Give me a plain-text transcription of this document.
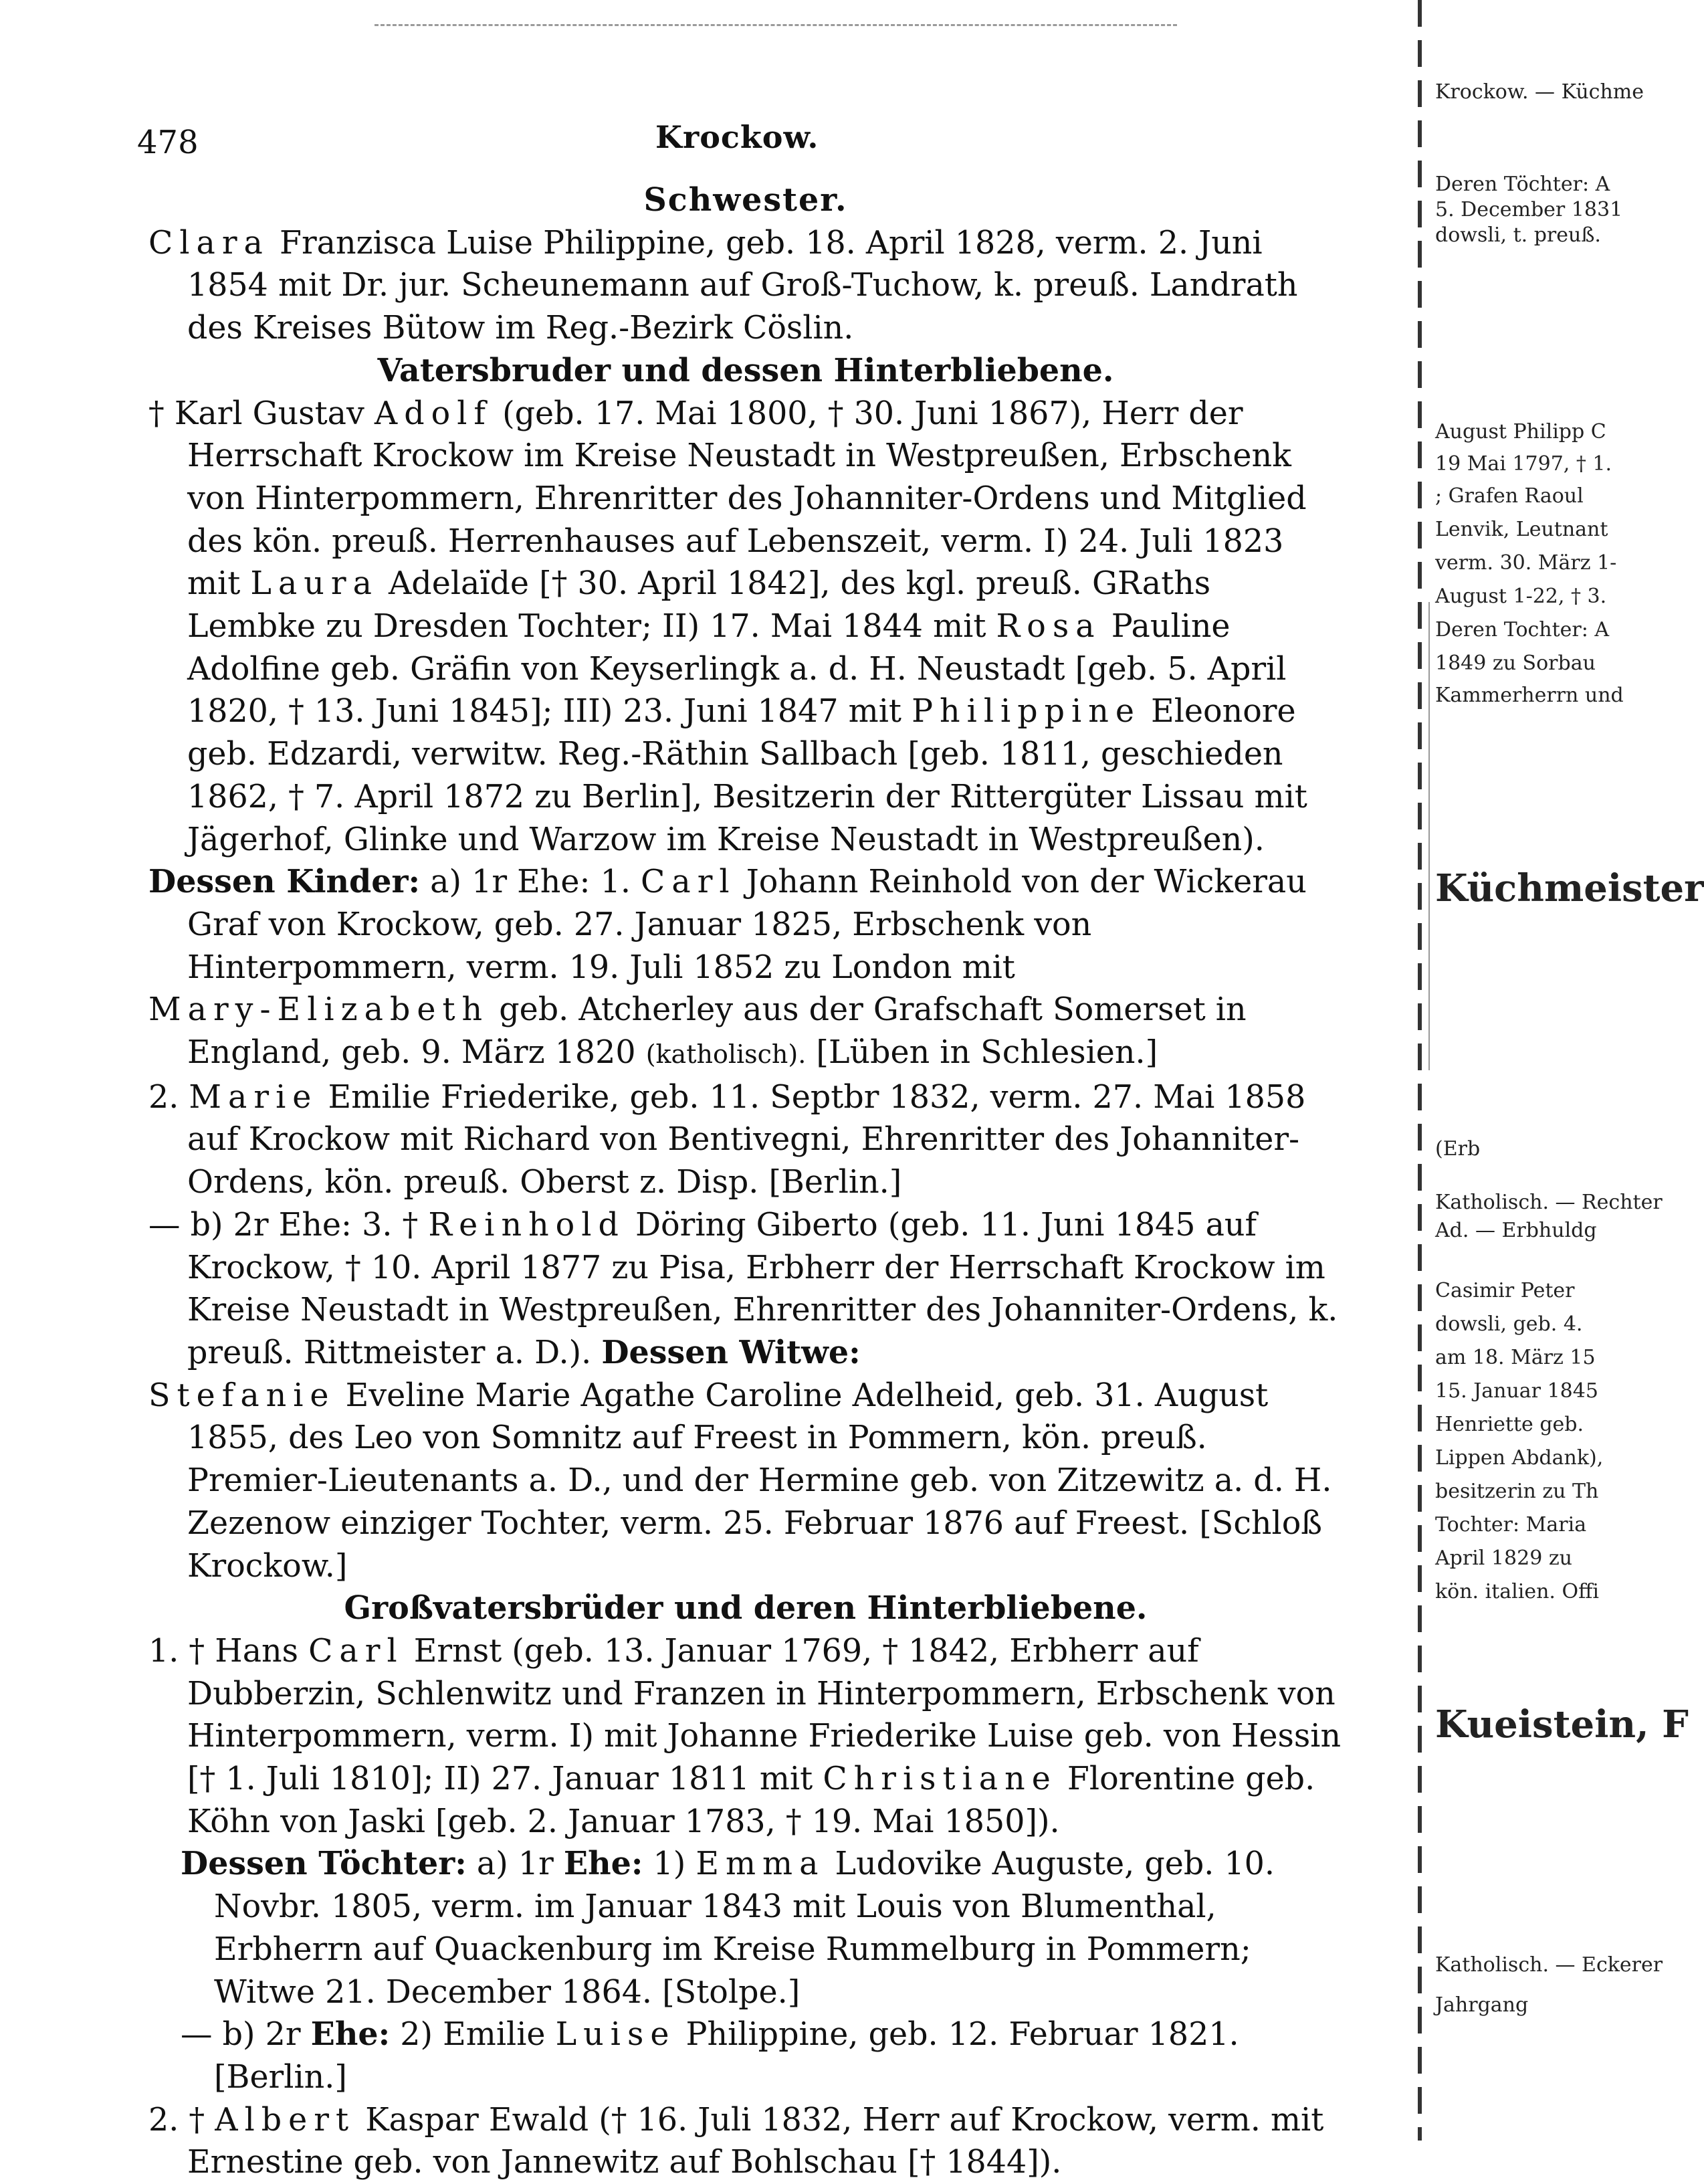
478	Krockow.
Schwester.
Clara Franzisca Luise Philippine, geb. 18. April 1828, verm. 2. Juni 1854 mit Dr. jur. Scheunemann auf Groß-Tuchow, k. preuß. Landrath des Kreises Bütow im Reg.-Bezirk Cöslin.
Vatersbruder und dessen Hinterbliebene.
† Karl Gustav Adolf (geb. 17. Mai 1800, † 30. Juni 1867), Herr der Herrschaft Krockow im Kreise Neustadt in Westpreußen, Erbschenk von Hinterpommern, Ehrenritter des Johanniter-Ordens und Mitglied des kön. preuß. Herrenhauses auf Lebenszeit, verm. I) 24. Juli 1823 mit Laura Adelaïde [† 30. April 1842], des kgl. preuß. GRaths Lembke zu Dresden Tochter; II) 17. Mai 1844 mit Rosa Pauline Adolfine geb. Gräfin von Keyserlingk a. d. H. Neustadt [geb. 5. April 1820, † 13. Juni 1845]; III) 23. Juni 1847 mit Philippine Eleonore geb. Edzardi, verwitw. Reg.-Räthin Sallbach [geb. 1811, geschieden 1862, † 7. April 1872 zu Berlin], Besitzerin der Rittergüter Lissau mit Jägerhof, Glinke und Warzow im Kreise Neustadt in Westpreußen).
Dessen Kinder: a) 1r Ehe: 1. Carl Johann Reinhold von der Wickerau Graf von Krockow, geb. 27. Januar 1825, Erbschenk von Hinterpommern, verm. 19. Juli 1852 zu London mit
Mary-Elizabeth geb. Atcherley aus der Grafschaft Somerset in England, geb. 9. März 1820 (katholisch). [Lüben in Schlesien.]
2. Marie Emilie Friederike, geb. 11. Septbr 1832, verm. 27. Mai 1858 auf Krockow mit Richard von Bentivegni, Ehrenritter des Johanniter-Ordens, kön. preuß. Oberst z. Disp. [Berlin.]
— b) 2r Ehe: 3. † Reinhold Döring Giberto (geb. 11. Juni 1845 auf Krockow, † 10. April 1877 zu Pisa, Erbherr der Herrschaft Krockow im Kreise Neustadt in Westpreußen, Ehrenritter des Johanniter-Ordens, k. preuß. Rittmeister a. D.). Dessen Witwe:
Stefanie Eveline Marie Agathe Caroline Adelheid, geb. 31. August 1855, des Leo von Somnitz auf Freest in Pommern, kön. preuß. Premier-Lieutenants a. D., und der Hermine geb. von Zitzewitz a. d. H. Zezenow einziger Tochter, verm. 25. Februar 1876 auf Freest. [Schloß Krockow.]
Großvatersbrüder und deren Hinterbliebene.
1. † Hans Carl Ernst (geb. 13. Januar 1769, † 1842, Erbherr auf Dubberzin, Schlenwitz und Franzen in Hinterpommern, Erbschenk von Hinterpommern, verm. I) mit Johanne Friederike Luise geb. von Hessin [† 1. Juli 1810]; II) 27. Januar 1811 mit Christiane Florentine geb. Köhn von Jaski [geb. 2. Januar 1783, † 19. Mai 1850]).
Dessen Töchter: a) 1r Ehe: 1) Emma Ludovike Auguste, geb. 10. Novbr. 1805, verm. im Januar 1843 mit Louis von Blumenthal, Erbherrn auf Quackenburg im Kreise Rummelburg in Pommern; Witwe 21. December 1864. [Stolpe.]
— b) 2r Ehe: 2) Emilie Luise Philippine, geb. 12. Februar 1821. [Berlin.]
2. † Albert Kaspar Ewald († 16. Juli 1832, Herr auf Krockow, verm. mit Ernestine geb. von Jannewitz auf Bohlschau [† 1844]).
Krockow. — Küchme
Deren Töchter: A
5. December 1831
dowsli, t. preuß.
August Philipp C
19 Mai 1797, † 1.
; Grafen Raoul
Lenvik, Leutnant
verm. 30. März 1-
August 1-22, † 3.
Deren Tochter: A
1849 zu Sorbau
Kammerherrn und
Küchmeister
(Erb
Katholisch. — Rechter
Ad. — Erbhuldg
Casimir Peter
dowsli, geb. 4.
am 18. März 15
15. Januar 1845
Henriette geb.
Lippen Abdank),
besitzerin zu Th
Tochter: Maria
April 1829 zu
kön. italien. Offi
Kueistein, F
Katholisch. — Eckerer
Jahrgang
